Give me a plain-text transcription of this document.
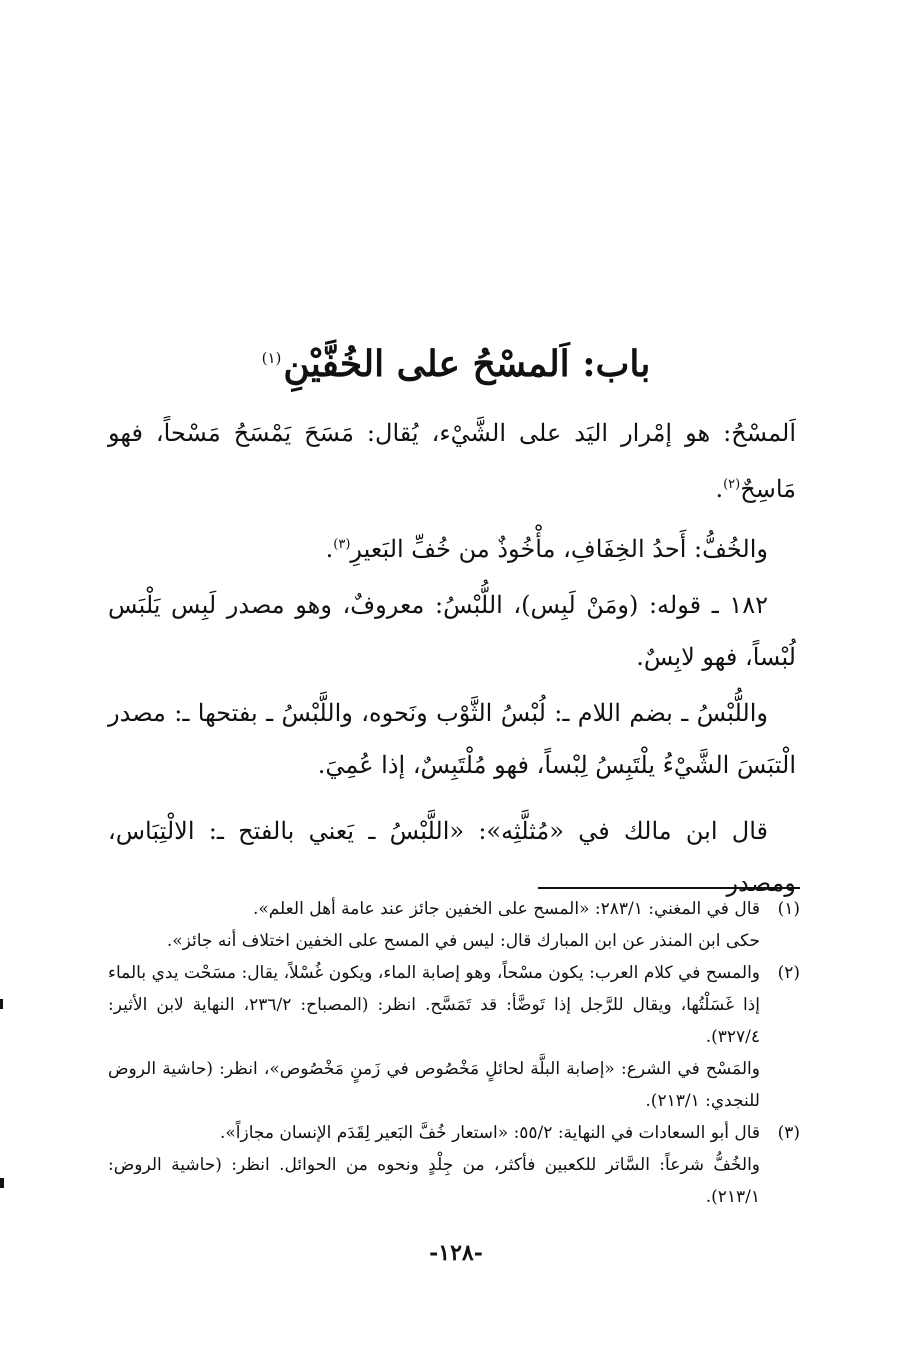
باب: اَلمسْحُ على الخُفَّيْنِ$^{(١)}$

اَلمسْحُ: هو إمْرار اليَد على الشَّيْء، يُقال: مَسَحَ يَمْسَحُ مَسْحاً، فهو مَاسِحٌ$^{(٢)}$.

والخُفُّ: أَحدُ الخِفَافِ، مأْخُوذٌ من خُفِّ البَعيرِ$^{(٣)}$.

١٨٢ ـ قوله: (ومَنْ لَبِس)، اللُّبْسُ: معروفٌ، وهو مصدر لَبِس يَلْبَس لُبْساً، فهو لابِسٌ.

واللُّبْسُ ـ بضم اللام ـ: لُبْسُ الثَّوْب ونَحوه، واللَّبْسُ ـ بفتحها ـ: مصدر الْتبَسَ الشَّيْءُ يلْتَبِسُ لِبْساً، فهو مُلْتَبِسٌ، إذا عُمِيَ.

قال ابن مالك في «مُثلَّثِه»: «اللَّبْسُ ـ يَعني بالفتح ـ: الالْتِبَاس، ومصدر

(١)
قال في المغني: ٢٨٣/١: «المسح على الخفين جائز عند عامة أهل العلم».
حكى ابن المنذر عن ابن المبارك قال: ليس في المسح على الخفين اختلاف أنه جائز».
(٢)
والمسح في كلام العرب: يكون مسْحاً، وهو إصابة الماء، ويكون غُسْلاً، يقال: مسَحْت يدي بالماء إذا غَسَلْتُها، ويقال للرَّجل إذا تَوضَّأ: قد تَمَسَّح. انظر: (المصباح: ٢٣٦/٢، النهاية لابن الأثير: ٣٢٧/٤).
والمَسْح في الشرع: «إصابة البلَّة لحائلٍ مَخْصُوص في زَمنٍ مَخْصُوص»، انظر: (حاشية الروض للنجدي: ٢١٣/١).
(٣)
قال أبو السعادات في النهاية: ٥٥/٢: «استعار خُفَّ البَعير لِقَدَم الإنسان مجازاً».
والخُفُّ شرعاً: السَّاتر للكعبين فأكثر، من جِلْدٍ ونحوه من الحوائل. انظر: (حاشية الروض: ٢١٣/١).
-١٢٨-
